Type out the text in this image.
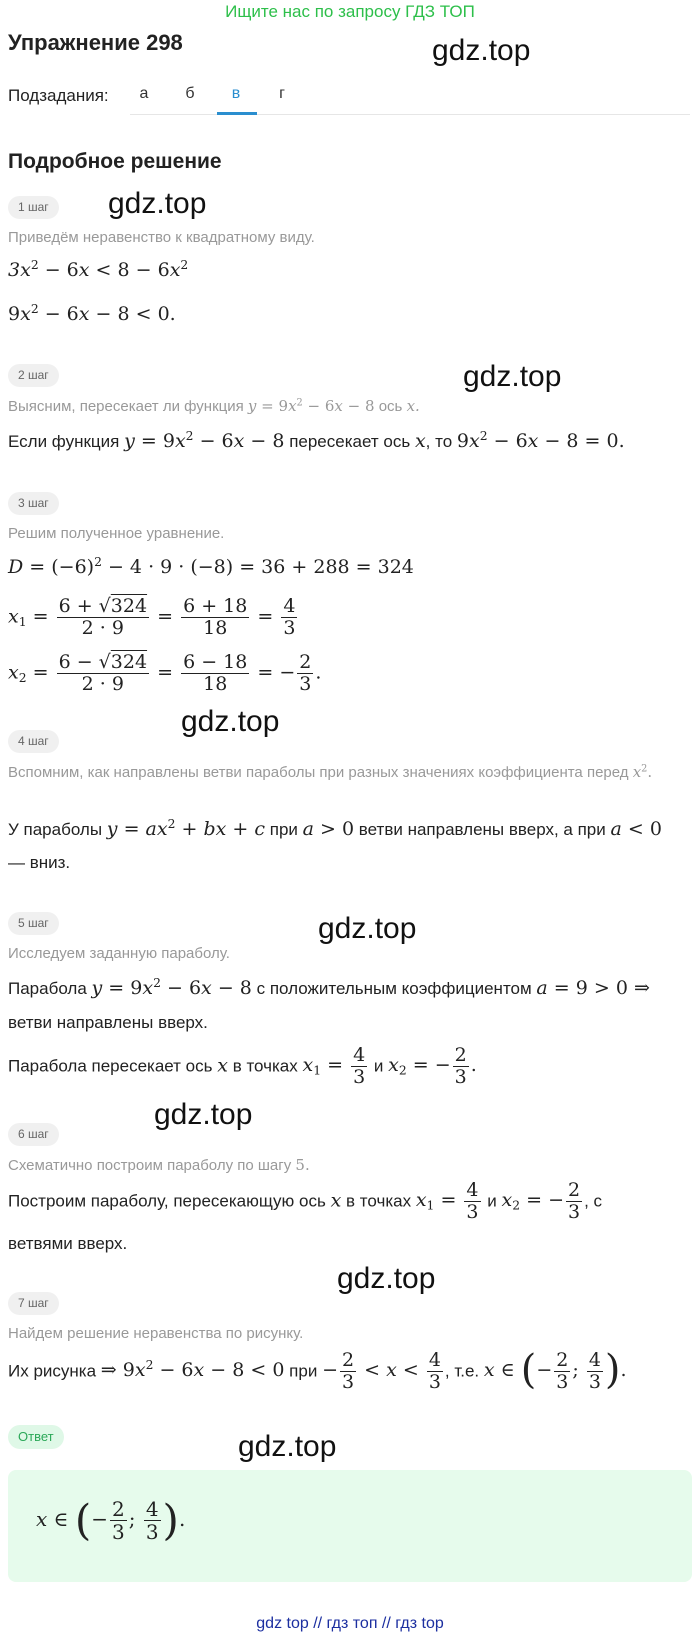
Ищите нас по запросу ГДЗ ТОП
Упражнение 298	gdz.top
gdz.top
gdz.top
gdz.top
gdz.top
gdz.top
gdz.top
gdz.top
Подзадания:	а	б	в	г
Подробное решение
1 шаг
Приведём неравенство к квадратному виду.
$3x^2 - 6x < 8 - 6x^2$
$9x^2 - 6x - 8 < 0$.
2 шаг
Выясним, пересекает ли функция $y = 9x^2 - 6x - 8$ ось x.
Если функция $y = 9x^2 - 6x - 8$ пересекает ось x, то $9x^2 - 6x - 8 = 0$.
3 шаг
Решим полученное уравнение.
$D = (-6)^2 - 4 \cdot 9 \cdot (-8) = 36 + 288 = 324$
$x_1 = \frac{6 + √324}{2 \cdot 9} = \frac{6 + 18}{18} = \frac{4}{3}$
$x_2 = \frac{6 - √324}{2 \cdot 9} = \frac{6 - 18}{18}$ = − $\frac{2}{3}$ .
4 шаг
Вспомним, как направлены ветви параболы при разных значениях коэффициента перед $x^2$.
У параболы $y = ax^2$ + bx + c при a > 0 ветви направлены вверх, а при a < 0
— вниз.
5 шаг
Исследуем заданную параболу.
Парабола $y = 9x^2 - 6x - 8$ с положительным коэффициентом a = 9 > 0 ⇒
ветви направлены вверх.
Парабола пересекает ось x в точках $x_1 = \frac{4}{3}$ и $x_2$ = − $\frac{2}{3}$ .
6 шаг
Схематично построим параболу по шагу 5.
Построим параболу, пересекающую ось x в точках $x_1 = \frac{4}{3}$ и $x_2$ = − $\frac{2}{3}$ , с
ветвями вверх.
7 шаг
Найдем решение неравенства по рисунку.
Их рисунка ⇒ $9x^2 - 6x - 8 < 0$ при − $\frac{2}{3} < x < \frac{4}{3}$ , т.е. x ∈ (− $\frac{2}{3}$ ; $\frac{4}{3}$ ).
Ответ
x ∈ (− $\frac{2}{3}$ ; $\frac{4}{3}$ ).
gdz top // гдз топ // гдз top
